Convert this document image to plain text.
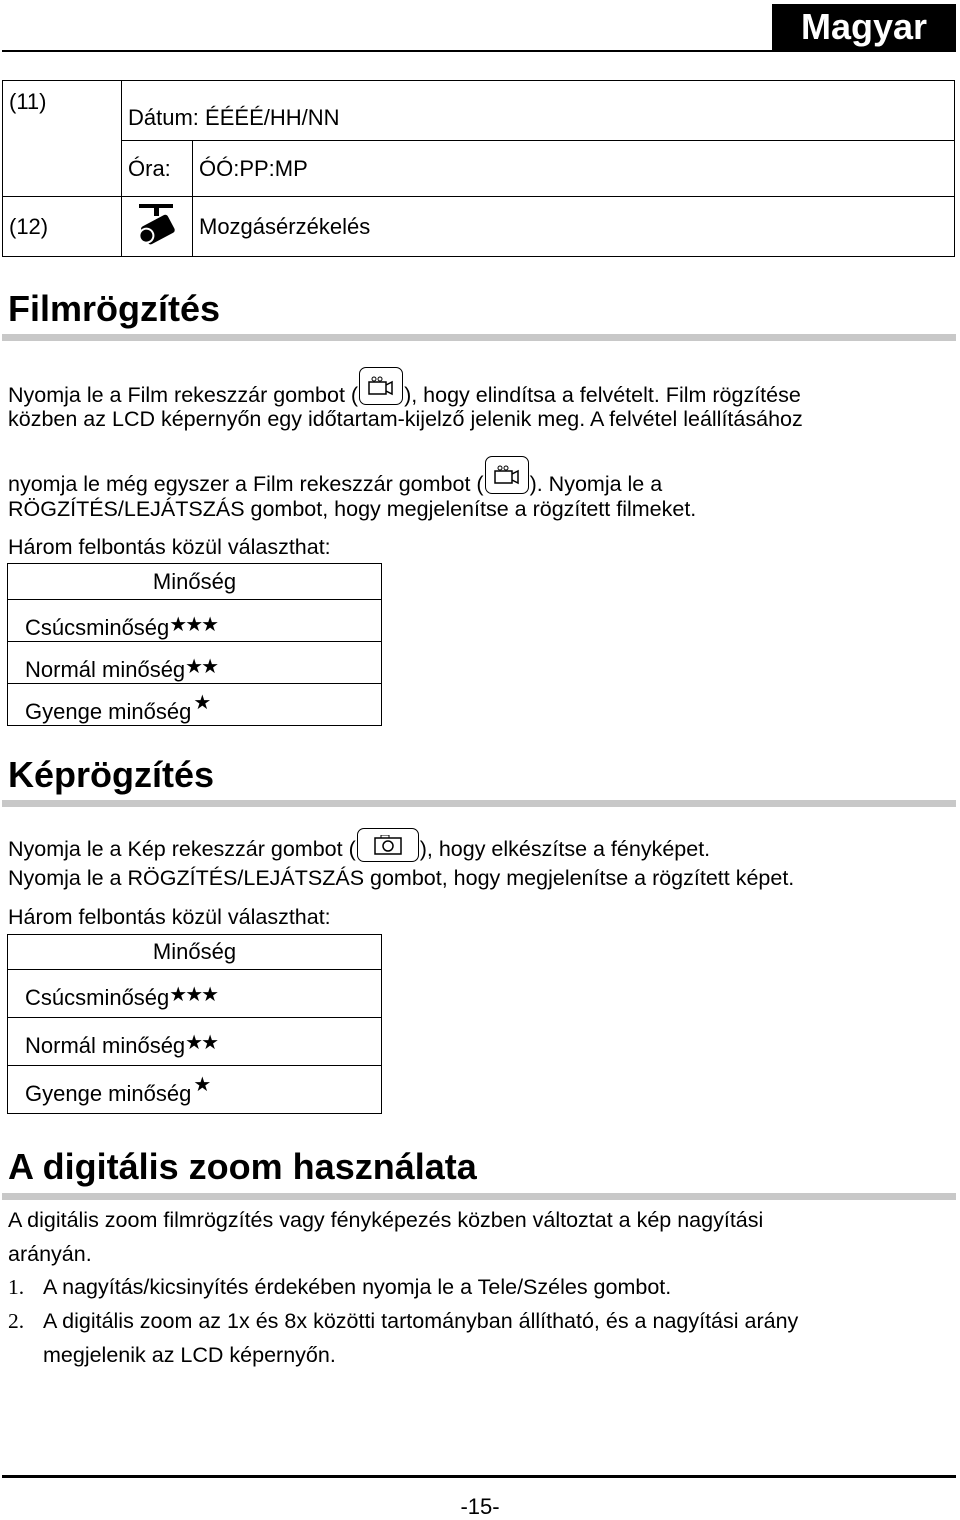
Magyar
(11)	Dátum: ÉÉÉÉ/HH/NN	
	Óra:	ÓÓ:PP:MP
(12)		Mozgásérzékelés
Filmrögzítés
Nyomja le a Film rekeszzár gombot ( ), hogy elindítsa a felvételt. Film rögzítése
közben az LCD képernyőn egy időtartam-kijelző jelenik meg. A felvétel leállításához
nyomja le még egyszer a Film rekeszzár gombot ( ). Nyomja le a
RÖGZÍTÉS/LEJÁTSZÁS gombot, hogy megjelenítse a rögzített filmeket.
Három felbontás közül választhat:
Minőség
Csúcsminőség★★★
Normál minőség★★
Gyenge minőség ★
Képrögzítés
Nyomja le a Kép rekeszzár gombot (	), hogy elkészítse a fényképet.
Nyomja le a RÖGZÍTÉS/LEJÁTSZÁS gombot, hogy megjelenítse a rögzített képet.
Három felbontás közül választhat:
Minőség
Csúcsminőség★★★
Normál minőség★★
Gyenge minőség ★
A digitális zoom használata
A digitális zoom filmrögzítés vagy fényképezés közben változtat a kép nagyítási
arányán.
1. A nagyítás/kicsinyítés érdekében nyomja le a Tele/Széles gombot.
2. A digitális zoom az 1x és 8x közötti tartományban állítható, és a nagyítási arány
megjelenik az LCD képernyőn.
-15-
